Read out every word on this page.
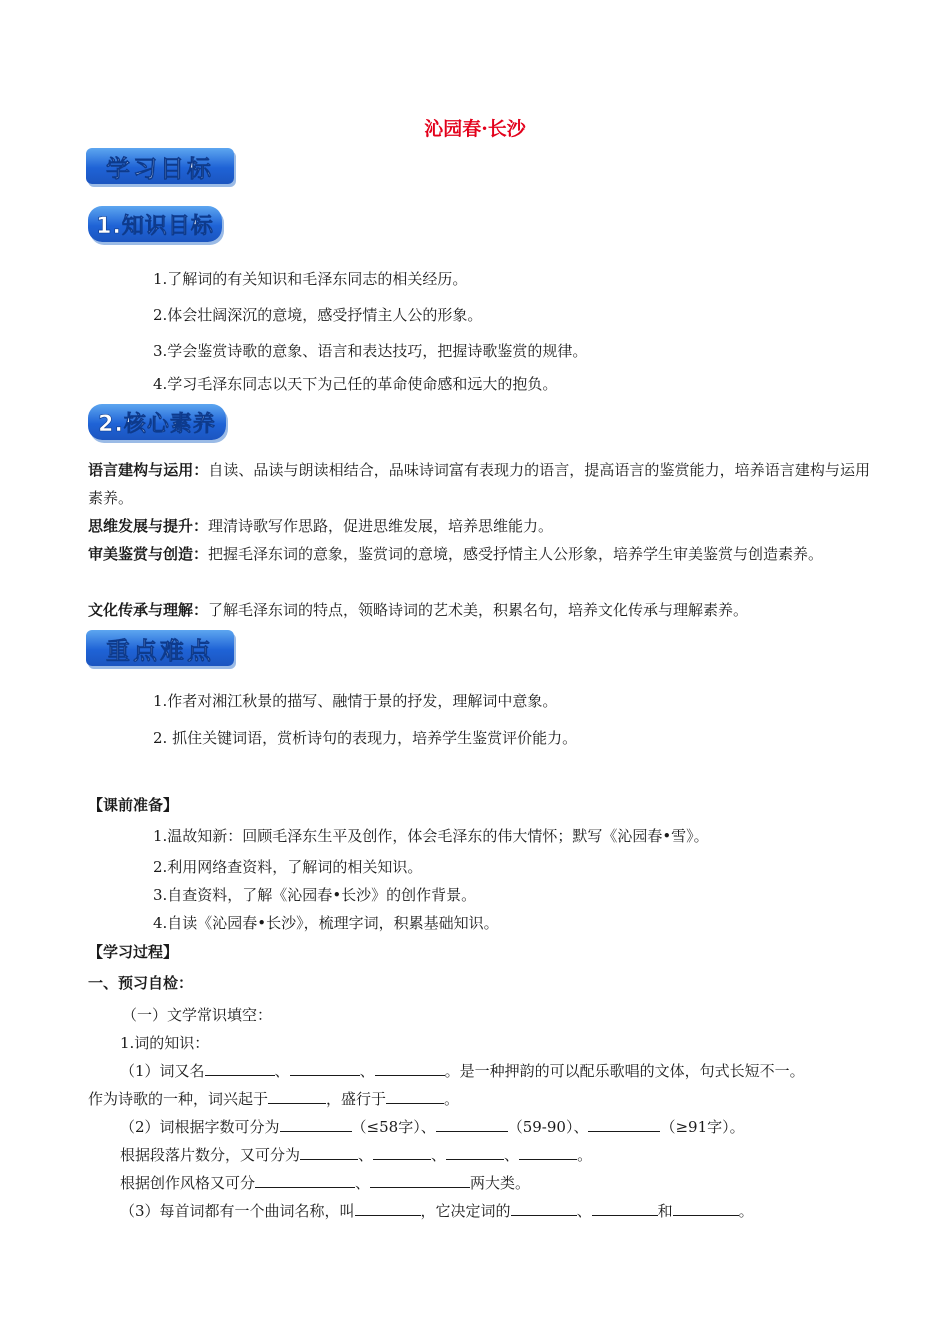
沁园春·长沙
学习目标
1.知识目标
1.了解词的有关知识和毛泽东同志的相关经历。
2.体会壮阔深沉的意境，感受抒情主人公的形象。
3.学会鉴赏诗歌的意象、语言和表达技巧，把握诗歌鉴赏的规律。
4.学习毛泽东同志以天下为己任的革命使命感和远大的抱负。
2.核心素养
语言建构与运用：自读、品读与朗读相结合，品味诗词富有表现力的语言，提高语言的鉴赏能力，培养语言建构与运用素养。
思维发展与提升：理清诗歌写作思路，促进思维发展，培养思维能力。
审美鉴赏与创造：把握毛泽东词的意象，鉴赏词的意境，感受抒情主人公形象，培养学生审美鉴赏与创造素养。
文化传承与理解：了解毛泽东词的特点，领略诗词的艺术美，积累名句，培养文化传承与理解素养。
重点难点
1.作者对湘江秋景的描写、融情于景的抒发，理解词中意象。
2. 抓住关键词语，赏析诗句的表现力，培养学生鉴赏评价能力。
【课前准备】
1.温故知新：回顾毛泽东生平及创作，体会毛泽东的伟大情怀；默写《沁园春•雪》。
2.利用网络查资料，了解词的相关知识。
3.自查资料，了解《沁园春•长沙》的创作背景。
4.自读《沁园春•长沙》，梳理字词，积累基础知识。
【学习过程】
一、预习自检：
（一）文学常识填空：
1.词的知识：
（1）词又名	、	、	。是一种押韵的可以配乐歌唱的文体，句式长短不一。
作为诗歌的一种，词兴起于	，盛行于	。
（2）词根据字数可分为	（≤58字）、	（59-90）、	（≥91字）。
根据段落片数分，又可分为	、	、	、	。
根据创作风格又可分	、	两大类。
（3）每首词都有一个曲词名称，叫	，它决定词的	、	和	。
